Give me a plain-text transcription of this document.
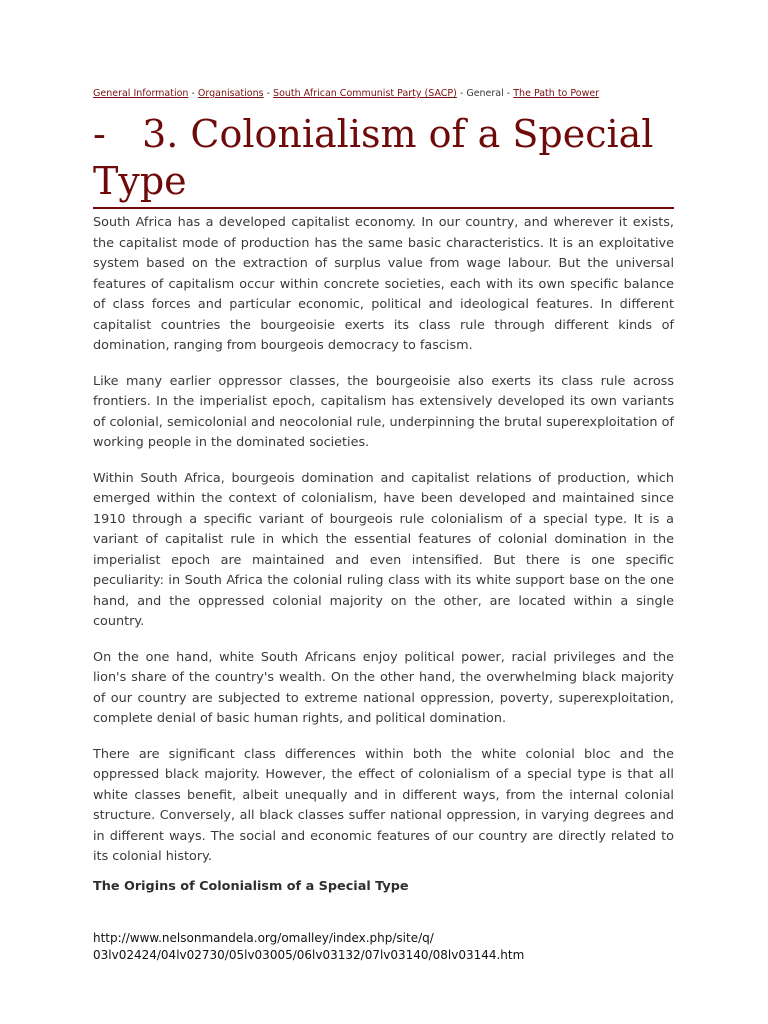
General Information - Organisations - South African Communist Party (SACP) - General - The Path to Power
-   3. Colonialism of a Special Type

South Africa has a developed capitalist economy. In our country, and wherever it exists, the capitalist mode of production has the same basic characteristics. It is an exploitative system based on the extraction of surplus value from wage labour. But the universal features of capitalism occur within concrete societies, each with its own specific balance of class forces and particular economic, political and ideological features. In different capitalist countries the bourgeoisie exerts its class rule through different kinds of domination, ranging from bourgeois democracy to fascism.

Like many earlier oppressor classes, the bourgeoisie also exerts its class rule across frontiers. In the imperialist epoch, capitalism has extensively developed its own variants of colonial, semicolonial and neocolonial rule, underpinning the brutal superexploitation of working people in the dominated societies.

Within South Africa, bourgeois domination and capitalist relations of production, which emerged within the context of colonialism, have been developed and maintained since 1910 through a specific variant of bourgeois rule colonialism of a special type. It is a variant of capitalist rule in which the essential features of colonial domination in the imperialist epoch are maintained and even intensified. But there is one specific peculiarity: in South Africa the colonial ruling class with its white support base on the one hand, and the oppressed colonial majority on the other, are located within a single country.

On the one hand, white South Africans enjoy political power, racial privileges and the lion's share of the country's wealth. On the other hand, the overwhelming black majority of our country are subjected to extreme national oppression, poverty, superexploitation, complete denial of basic human rights, and political domination.

There are significant class differences within both the white colonial bloc and the oppressed black majority. However, the effect of colonialism of a special type is that all white classes benefit, albeit unequally and in different ways, from the internal colonial structure. Conversely, all black classes suffer national oppression, in varying degrees and in different ways. The social and economic features of our country are directly related to its colonial history.

The Origins of Colonialism of a Special Type
http://www.nelsonmandela.org/omalley/index.php/site/q/
03lv02424/04lv02730/05lv03005/06lv03132/07lv03140/08lv03144.htm
